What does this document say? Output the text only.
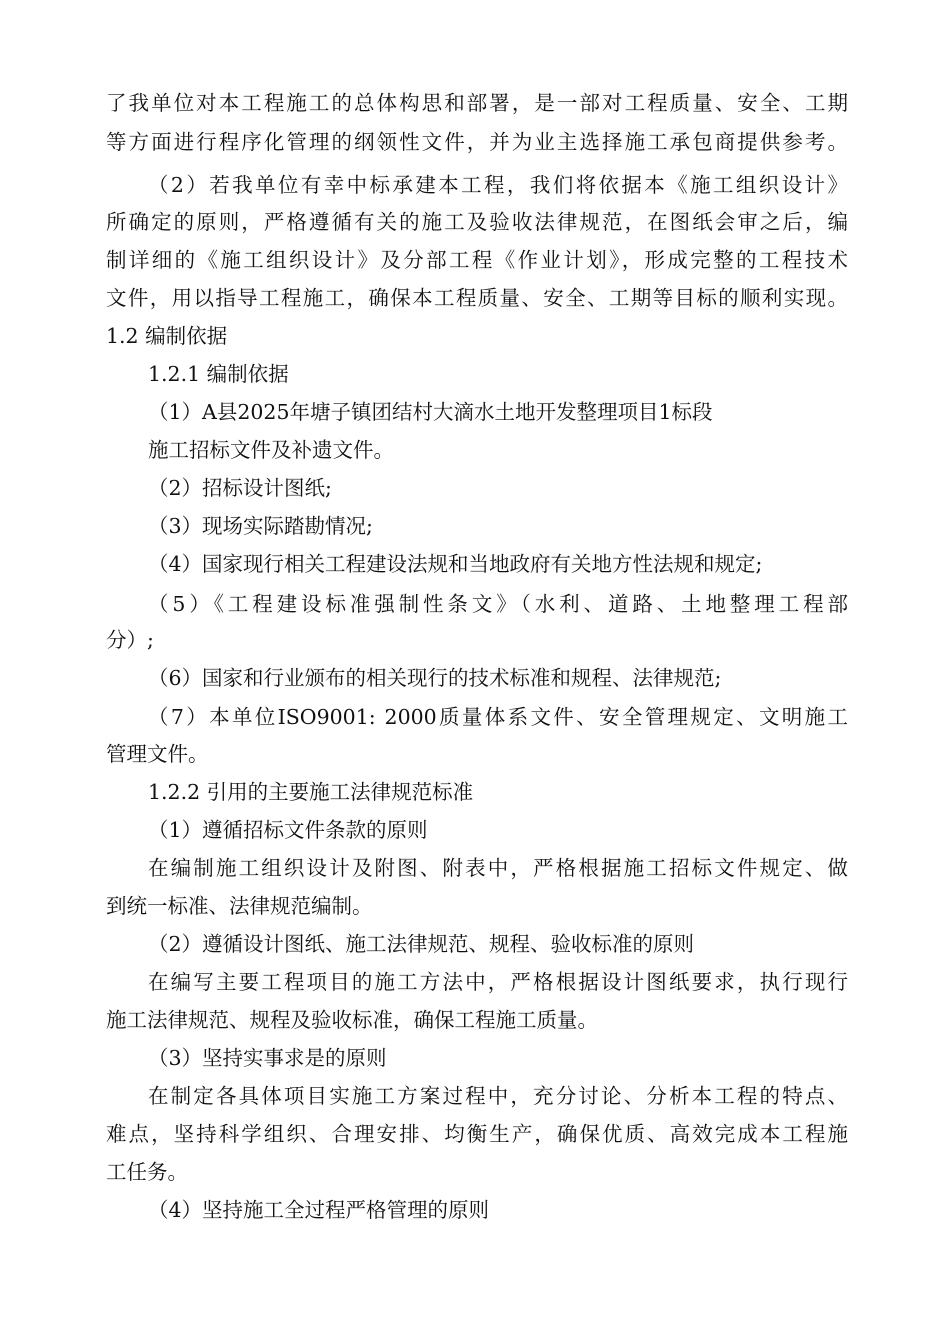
了我单位对本工程施工的总体构思和部署，是一部对工程质量、安全、工期
等方面进行程序化管理的纲领性文件，并为业主选择施工承包商提供参考。
（2）若我单位有幸中标承建本工程，我们将依据本《施工组织设计》
所确定的原则，严格遵循有关的施工及验收法律规范，在图纸会审之后，编
制详细的《施工组织设计》及分部工程《作业计划》，形成完整的工程技术
文件，用以指导工程施工，确保本工程质量、安全、工期等目标的顺利实现。
1.2 编制依据
1.2.1 编制依据
（1）A县2025年塘子镇团结村大滴水土地开发整理项目1标段
施工招标文件及补遗文件。
（2）招标设计图纸;
（3）现场实际踏勘情况;
（4）国家现行相关工程建设法规和当地政府有关地方性法规和规定;
（5）《工程建设标准强制性条文》（水利、道路、土地整理工程部
分）;
（6）国家和行业颁布的相关现行的技术标准和规程、法律规范;
（7）本单位ISO9001: 2000质量体系文件、安全管理规定、文明施工
管理文件。
1.2.2 引用的主要施工法律规范标准
（1）遵循招标文件条款的原则
在编制施工组织设计及附图、附表中，严格根据施工招标文件规定、做
到统一标准、法律规范编制。
（2）遵循设计图纸、施工法律规范、规程、验收标准的原则
在编写主要工程项目的施工方法中，严格根据设计图纸要求，执行现行
施工法律规范、规程及验收标准，确保工程施工质量。
（3）坚持实事求是的原则
在制定各具体项目实施工方案过程中，充分讨论、分析本工程的特点、
难点，坚持科学组织、合理安排、均衡生产，确保优质、高效完成本工程施
工任务。
（4）坚持施工全过程严格管理的原则
